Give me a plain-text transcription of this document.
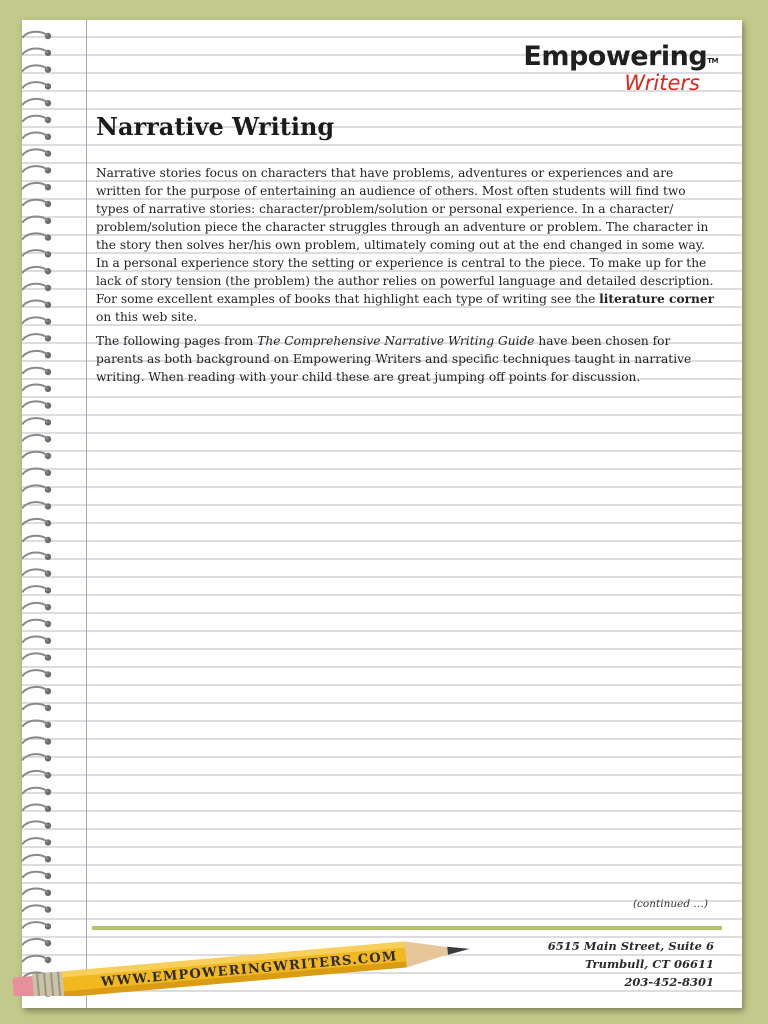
Empowering™
Writers
Narrative Writing

Narrative stories focus on characters that have problems, adventures or experiences and are written for the purpose of entertaining an audience of others. Most often students will find two types of narrative stories: character/problem/solution or personal experience. In a character/ problem/solution piece the character struggles through an adventure or problem. The character in the story then solves her/his own problem, ultimately coming out at the end changed in some way. In a personal experience story the setting or experience is central to the piece. To make up for the lack of story tension (the problem) the author relies on powerful language and detailed description. For some excellent examples of books that highlight each type of writing see the literature corner on this web site.

The following pages from The Comprehensive Narrative Writing Guide have been chosen for parents as both background on Empowering Writers and specific techniques taught in narrative writing. When reading with your child these are great jumping off points for discussion.

(continued …)
6515 Main Street, Suite 6
Trumbull, CT 06611
203-452-8301
WWW.EMPOWERINGWRITERS.COM
